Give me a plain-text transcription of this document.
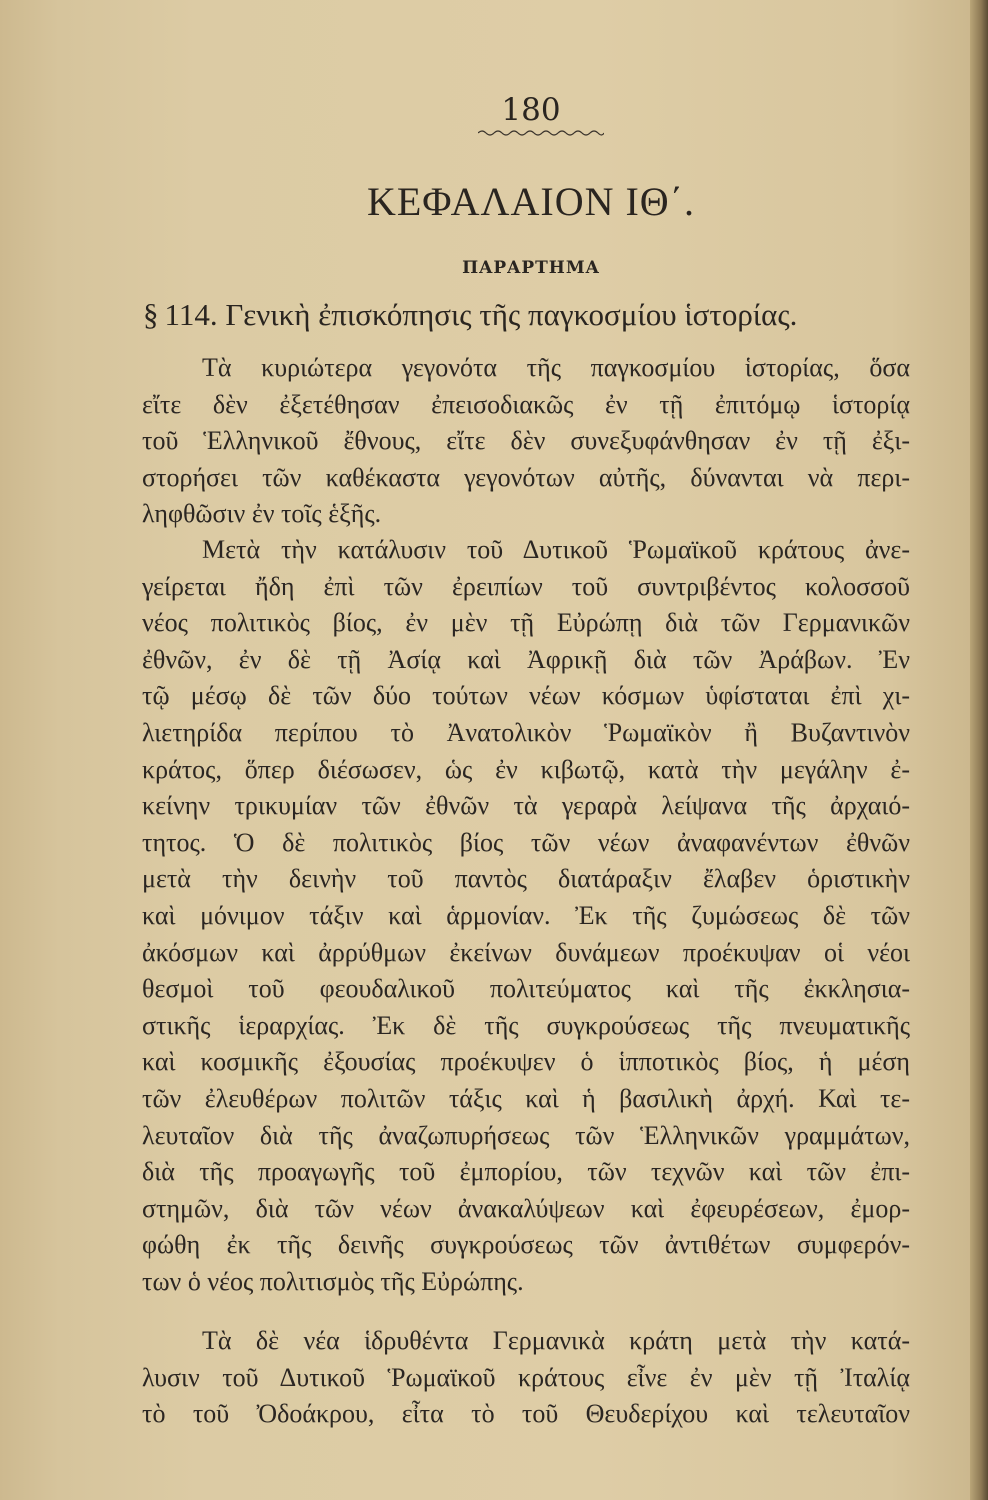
180
ΚΕΦΑΛΑΙΟΝ ΙΘ΄.
ΠΑΡΑΡΤΗΜΑ
§ 114. Γενικὴ ἐπισκόπησις τῆς παγκοσμίου ἱστορίας.
Τὰ κυριώτερα γεγονότα τῆς παγκοσμίου ἱστορίας, ὅσα
εἴτε δὲν ἐξετέθησαν ἐπεισοδιακῶς ἐν τῇ ἐπιτόμῳ ἱστορίᾳ
τοῦ Ἑλληνικοῦ ἔθνους, εἴτε δὲν συνεξυφάνθησαν ἐν τῇ ἐξι-
στορήσει τῶν καθέκαστα γεγονότων αὐτῆς, δύνανται νὰ περι-
ληφθῶσιν ἐν τοῖς ἑξῆς.
Μετὰ τὴν κατάλυσιν τοῦ Δυτικοῦ Ῥωμαϊκοῦ κράτους ἀνε-
γείρεται ἤδη ἐπὶ τῶν ἐρειπίων τοῦ συντριβέντος κολοσσοῦ
νέος πολιτικὸς βίος, ἐν μὲν τῇ Εὐρώπῃ διὰ τῶν Γερμανικῶν
ἐθνῶν, ἐν δὲ τῇ Ἀσίᾳ καὶ Ἀφρικῇ διὰ τῶν Ἀράβων. Ἐν
τῷ μέσῳ δὲ τῶν δύο τούτων νέων κόσμων ὑφίσταται ἐπὶ χι-
λιετηρίδα περίπου τὸ Ἀνατολικὸν Ῥωμαϊκὸν ἢ Βυζαντινὸν
κράτος, ὅπερ διέσωσεν, ὡς ἐν κιβωτῷ, κατὰ τὴν μεγάλην ἐ-
κείνην τρικυμίαν τῶν ἐθνῶν τὰ γεραρὰ λείψανα τῆς ἀρχαιό-
τητος. Ὁ δὲ πολιτικὸς βίος τῶν νέων ἀναφανέντων ἐθνῶν
μετὰ τὴν δεινὴν τοῦ παντὸς διατάραξιν ἔλαβεν ὁριστικὴν
καὶ μόνιμον τάξιν καὶ ἁρμονίαν. Ἐκ τῆς ζυμώσεως δὲ τῶν
ἀκόσμων καὶ ἀρρύθμων ἐκείνων δυνάμεων προέκυψαν οἱ νέοι
θεσμοὶ τοῦ φεουδαλικοῦ πολιτεύματος καὶ τῆς ἐκκλησια-
στικῆς ἱεραρχίας. Ἐκ δὲ τῆς συγκρούσεως τῆς πνευματικῆς
καὶ κοσμικῆς ἐξουσίας προέκυψεν ὁ ἱπποτικὸς βίος, ἡ μέση
τῶν ἐλευθέρων πολιτῶν τάξις καὶ ἡ βασιλικὴ ἀρχή. Καὶ τε-
λευταῖον διὰ τῆς ἀναζωπυρήσεως τῶν Ἑλληνικῶν γραμμάτων,
διὰ τῆς προαγωγῆς τοῦ ἐμπορίου, τῶν τεχνῶν καὶ τῶν ἐπι-
στημῶν, διὰ τῶν νέων ἀνακαλύψεων καὶ ἐφευρέσεων, ἐμορ-
φώθη ἐκ τῆς δεινῆς συγκρούσεως τῶν ἀντιθέτων συμφερόν-
των ὁ νέος πολιτισμὸς τῆς Εὐρώπης.
Τὰ δὲ νέα ἱδρυθέντα Γερμανικὰ κράτη μετὰ τὴν κατά-
λυσιν τοῦ Δυτικοῦ Ῥωμαϊκοῦ κράτους εἶνε ἐν μὲν τῇ Ἰταλίᾳ
τὸ τοῦ Ὀδοάκρου, εἶτα τὸ τοῦ Θευδερίχου καὶ τελευταῖον
